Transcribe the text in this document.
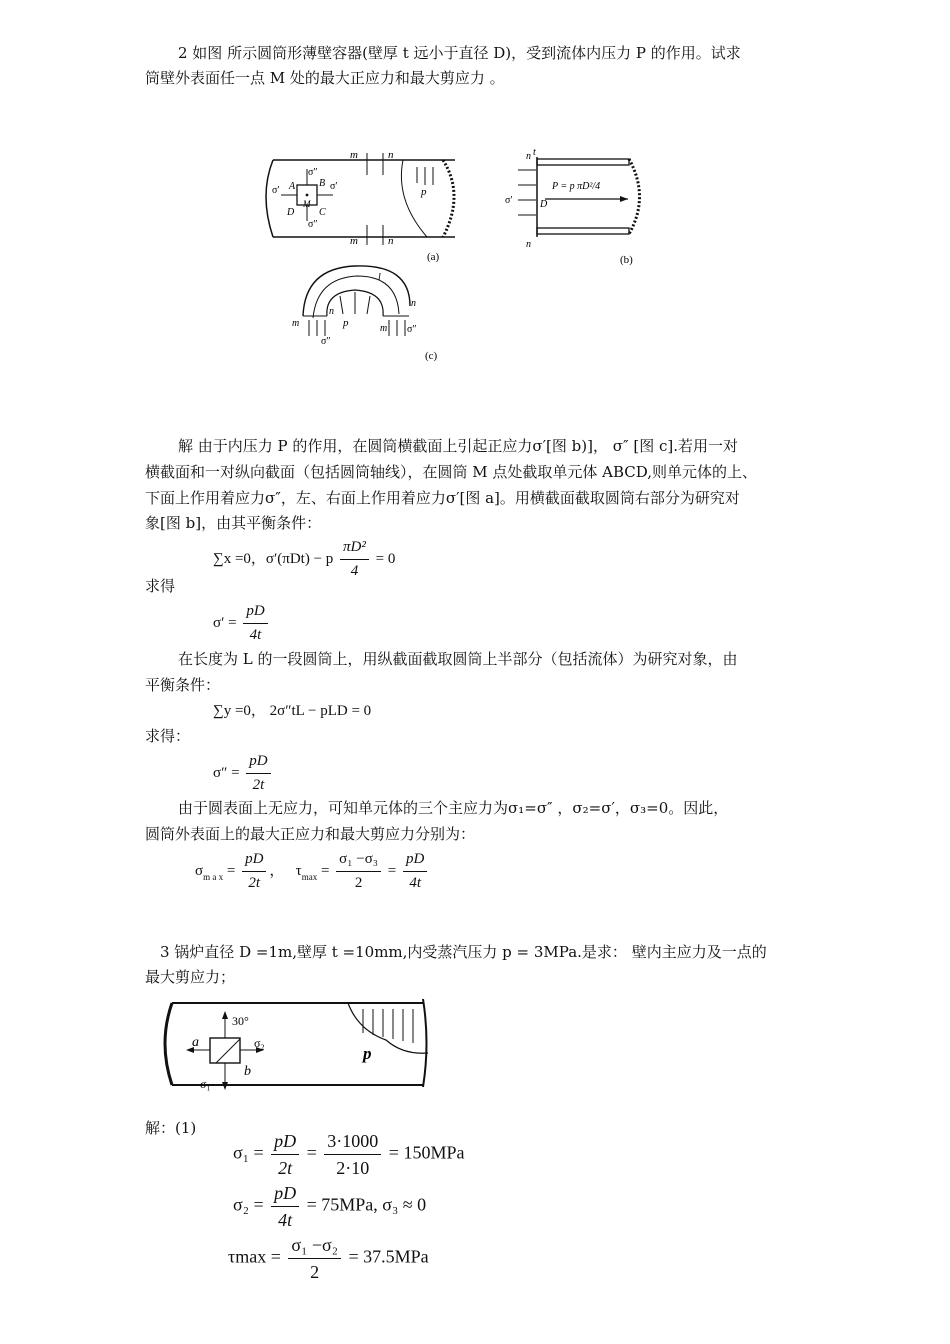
2 如图 所示圆筒形薄壁容器(壁厚 t 远小于直径 D)，受到流体内压力 P 的作用。试求
筒壁外表面任一点 M 处的最大正应力和最大剪应力 。
m	n
m	n
p
A B
C
D
M
σ′	σ′
σ″
σ″
(a)
n t
n
σ′	D
P = p πD²/4
(b)
l
n
n
m	m
p
σ″
σ″
(c)
解 由于内压力 P 的作用，在圆筒横截面上引起正应力σ′[图 b)]， σ″ [图 c].若用一对
横截面和一对纵向截面（包括圆筒轴线），在圆筒 M 点处截取单元体 ABCD,则单元体的上、
下面上作用着应力σ″，左、右面上作用着应力σ′[图 a]。用横截面截取圆筒右部分为研究对
象[图 b]，由其平衡条件：
∑x =0，σ′(πDt) − p $\frac{\text{πD²}}{4} = 0$
求得
$\sigma' = \frac{pD}{4t}$
在长度为 L 的一段圆筒上，用纵截面截取圆筒上半部分（包括流体）为研究对象，由
平衡条件：
∑y =0， 2σ″tL − pLD = 0
求得：
$\sigma'' = \frac{pD}{2t}$
由于圆表面上无应力，可知单元体的三个主应力为σ₁=σ″ ，σ₂=σ′，σ₃=0。因此，
圆筒外表面上的最大正应力和最大剪应力分别为：
$\sigma_{m a x} = \frac{pD}{2t}$ ，   $\tau_{max} = \frac{\text{σ₁ −σ₃}}{2} = \frac{pD}{4t}$
3 锅炉直径 D =1m,壁厚 t =10mm,内受蒸汽压力 p = 3MPa.是求： 壁内主应力及一点的
最大剪应力；
30°
a
b
σ₂
σ₁
p
解：(1)
$\sigma_1 = \frac{pD}{2t} = \frac{3\cdot 1000}{2\cdot 10} = 150MPa$
$\sigma_2 = \frac{pD}{4t} = 75MPa$, σ₃ ≈ 0
$\tau\max = \frac{\text{σ₁ −σ₂}}{2} = 37.5MPa$
